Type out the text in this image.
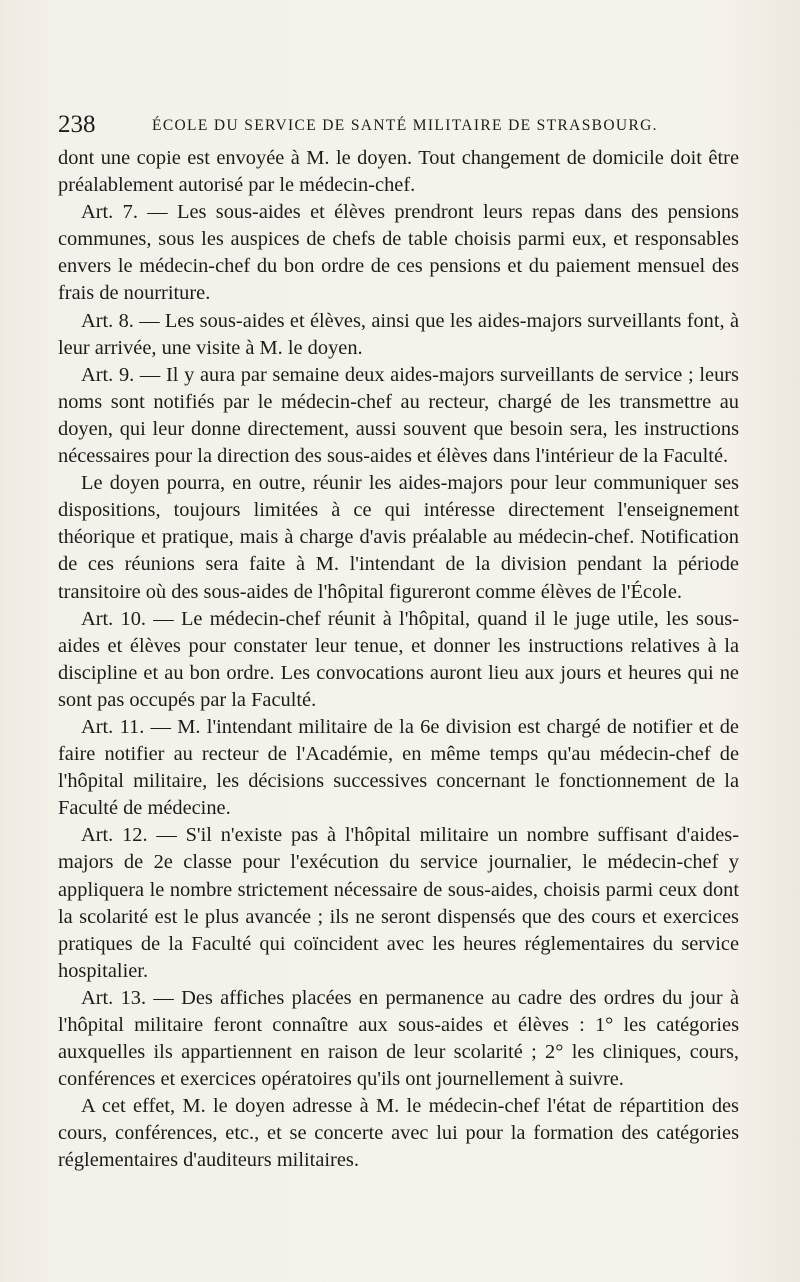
238	ÉCOLE DU SERVICE DE SANTÉ MILITAIRE DE STRASBOURG.

dont une copie est envoyée à M. le doyen. Tout changement de domicile doit être préalablement autorisé par le médecin-chef.

Art. 7. — Les sous-aides et élèves prendront leurs repas dans des pensions communes, sous les auspices de chefs de table choisis parmi eux, et responsables envers le médecin-chef du bon ordre de ces pensions et du paiement mensuel des frais de nourriture.

Art. 8. — Les sous-aides et élèves, ainsi que les aides-majors surveillants font, à leur arrivée, une visite à M. le doyen.

Art. 9. — Il y aura par semaine deux aides-majors surveillants de service ; leurs noms sont notifiés par le médecin-chef au recteur, chargé de les transmettre au doyen, qui leur donne directement, aussi souvent que besoin sera, les instructions nécessaires pour la direction des sous-aides et élèves dans l'intérieur de la Faculté.

Le doyen pourra, en outre, réunir les aides-majors pour leur communiquer ses dispositions, toujours limitées à ce qui intéresse directement l'enseignement théorique et pratique, mais à charge d'avis préalable au médecin-chef. Notification de ces réunions sera faite à M. l'intendant de la division pendant la période transitoire où des sous-aides de l'hôpital figureront comme élèves de l'École.

Art. 10. — Le médecin-chef réunit à l'hôpital, quand il le juge utile, les sous-aides et élèves pour constater leur tenue, et donner les instructions relatives à la discipline et au bon ordre. Les convocations auront lieu aux jours et heures qui ne sont pas occupés par la Faculté.

Art. 11. — M. l'intendant militaire de la 6e division est chargé de notifier et de faire notifier au recteur de l'Académie, en même temps qu'au médecin-chef de l'hôpital militaire, les décisions successives concernant le fonctionnement de la Faculté de médecine.

Art. 12. — S'il n'existe pas à l'hôpital militaire un nombre suffisant d'aides-majors de 2e classe pour l'exécution du service journalier, le médecin-chef y appliquera le nombre strictement nécessaire de sous-aides, choisis parmi ceux dont la scolarité est le plus avancée ; ils ne seront dispensés que des cours et exercices pratiques de la Faculté qui coïncident avec les heures réglementaires du service hospitalier.

Art. 13. — Des affiches placées en permanence au cadre des ordres du jour à l'hôpital militaire feront connaître aux sous-aides et élèves : 1° les catégories auxquelles ils appartiennent en raison de leur scolarité ; 2° les cliniques, cours, conférences et exercices opératoires qu'ils ont journellement à suivre.

A cet effet, M. le doyen adresse à M. le médecin-chef l'état de répartition des cours, conférences, etc., et se concerte avec lui pour la formation des catégories réglementaires d'auditeurs militaires.
